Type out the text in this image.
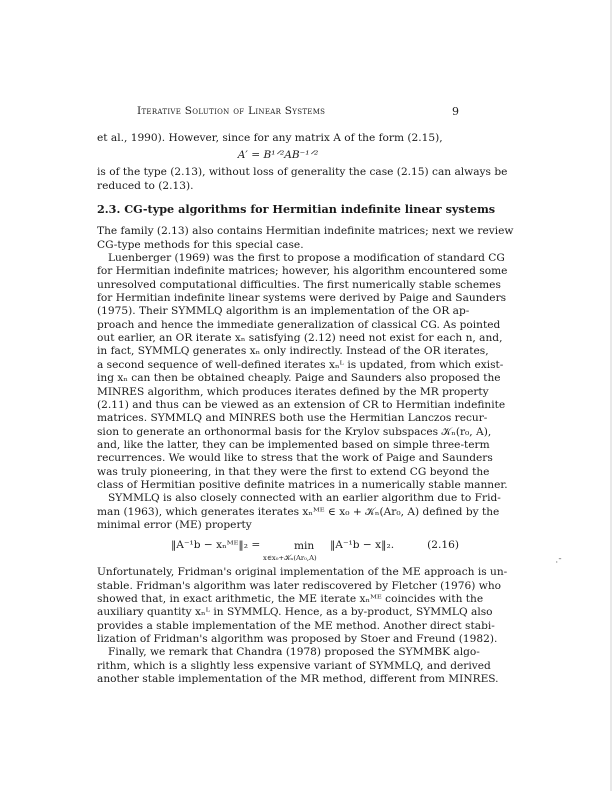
Iterative Solution of Linear Systems	9
et al., 1990). However, since for any matrix A of the form (2.15),
A′ = B¹ᐟ²AB⁻¹ᐟ²
is of the type (2.13), without loss of generality the case (2.15) can always be
reduced to (2.13).
2.3. CG-type algorithms for Hermitian indefinite linear systems
The family (2.13) also contains Hermitian indefinite matrices; next we review
CG-type methods for this special case.
Luenberger (1969) was the first to propose a modification of standard CG
for Hermitian indefinite matrices; however, his algorithm encountered some
unresolved computational difficulties. The first numerically stable schemes
for Hermitian indefinite linear systems were derived by Paige and Saunders
(1975). Their SYMMLQ algorithm is an implementation of the OR ap-
proach and hence the immediate generalization of classical CG. As pointed
out earlier, an OR iterate xₙ satisfying (2.12) need not exist for each n, and,
in fact, SYMMLQ generates xₙ only indirectly. Instead of the OR iterates,
a second sequence of well-defined iterates xₙᴸ is updated, from which exist-
ing xₙ can then be obtained cheaply. Paige and Saunders also proposed the
MINRES algorithm, which produces iterates defined by the MR property
(2.11) and thus can be viewed as an extension of CR to Hermitian indefinite
matrices. SYMMLQ and MINRES both use the Hermitian Lanczos recur-
sion to generate an orthonormal basis for the Krylov subspaces 𝒦ₙ(r₀, A),
and, like the latter, they can be implemented based on simple three-term
recurrences. We would like to stress that the work of Paige and Saunders
was truly pioneering, in that they were the first to extend CG beyond the
class of Hermitian positive definite matrices in a numerically stable manner.
SYMMLQ is also closely connected with an earlier algorithm due to Frid-
man (1963), which generates iterates xₙᴹᴱ ∈ x₀ + 𝒦ₙ(Ar₀, A) defined by the
minimal error (ME) property
‖A⁻¹b − xₙᴹᴱ‖₂ =	min
x∈x₀+𝒦ₙ(Ar₀,A)
‖A⁻¹b − x‖₂.	(2.16)
Unfortunately, Fridman's original implementation of the ME approach is un-
stable. Fridman's algorithm was later rediscovered by Fletcher (1976) who
showed that, in exact arithmetic, the ME iterate xₙᴹᴱ coincides with the
auxiliary quantity xₙᴸ in SYMMLQ. Hence, as a by-product, SYMMLQ also
provides a stable implementation of the ME method. Another direct stabi-
lization of Fridman's algorithm was proposed by Stoer and Freund (1982).
Finally, we remark that Chandra (1978) proposed the SYMMBK algo-
rithm, which is a slightly less expensive variant of SYMMLQ, and derived
another stable implementation of the MR method, different from MINRES.
·ˉ
